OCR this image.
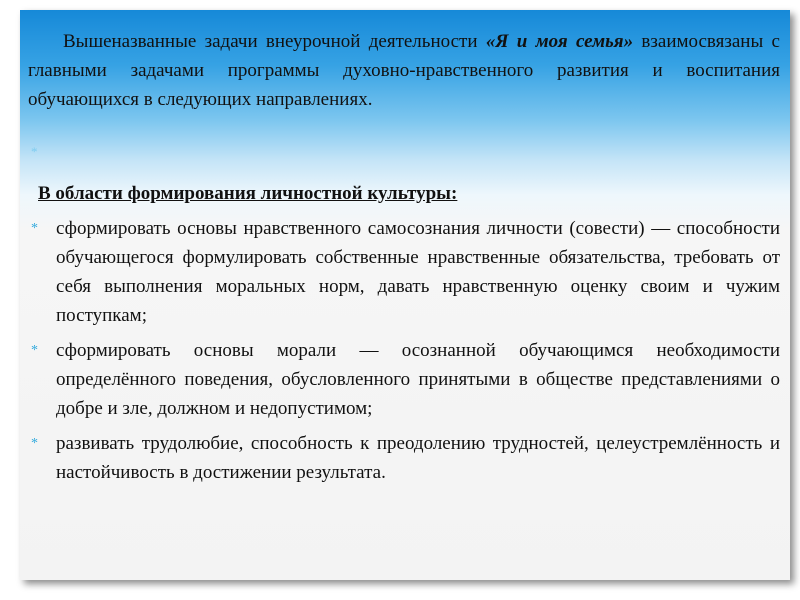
Вышеназванные задачи внеурочной деятельности «Я и моя семья» взаимосвязаны с главными задачами программы духовно-нравственного развития и воспитания обучающихся в следующих направлениях.

*

В области формирования личностной культуры:

* сформировать основы нравственного самосознания личности (совести) — способности обучающегося формулировать собственные нравственные обязательства, требовать от себя выполнения моральных норм, давать нравственную оценку своим и чужим поступкам;
* сформировать основы морали — осознанной обучающимся необходимости определённого поведения, обусловленного принятыми в обществе представлениями о добре и зле, должном и недопустимом;
* развивать трудолюбие, способность к преодолению трудностей, целеустремлённость и настойчивость в достижении результата.
